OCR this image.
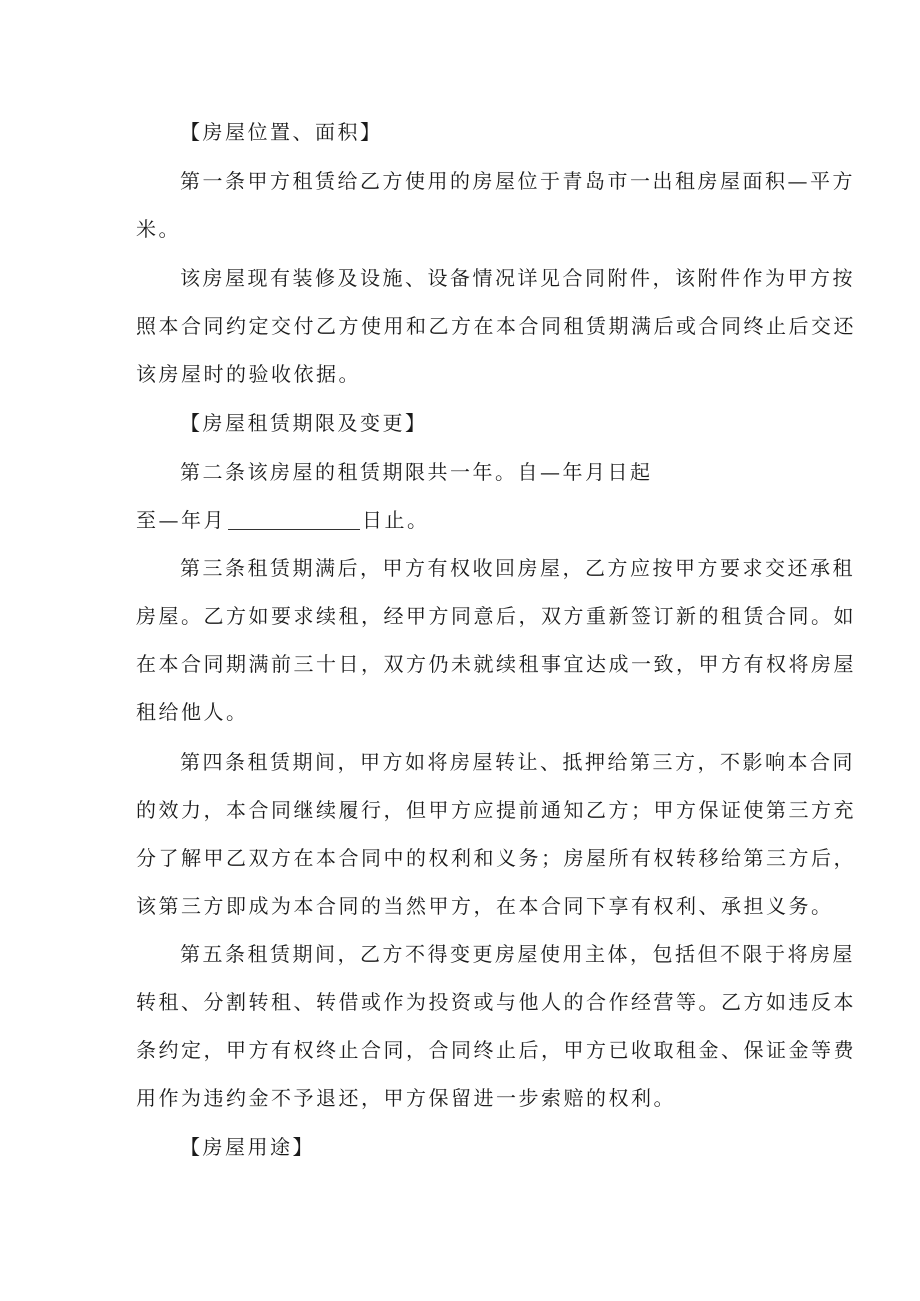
【房屋位置、面积】
第一条甲方租赁给乙方使用的房屋位于青岛市一出租房屋面积—平方
米。
该房屋现有装修及设施、设备情况详见合同附件，该附件作为甲方按
照本合同约定交付乙方使用和乙方在本合同租赁期满后或合同终止后交还
该房屋时的验收依据。
【房屋租赁期限及变更】
第二条该房屋的租赁期限共一年。自—年月日起
至—年月	日止。
第三条租赁期满后，甲方有权收回房屋，乙方应按甲方要求交还承租
房屋。乙方如要求续租，经甲方同意后，双方重新签订新的租赁合同。如
在本合同期满前三十日，双方仍未就续租事宜达成一致，甲方有权将房屋
租给他人。
第四条租赁期间，甲方如将房屋转让、抵押给第三方，不影响本合同
的效力，本合同继续履行，但甲方应提前通知乙方；甲方保证使第三方充
分了解甲乙双方在本合同中的权利和义务；房屋所有权转移给第三方后，
该第三方即成为本合同的当然甲方，在本合同下享有权利、承担义务。
第五条租赁期间，乙方不得变更房屋使用主体，包括但不限于将房屋
转租、分割转租、转借或作为投资或与他人的合作经营等。乙方如违反本
条约定，甲方有权终止合同，合同终止后，甲方已收取租金、保证金等费
用作为违约金不予退还，甲方保留进一步索赔的权利。
【房屋用途】
